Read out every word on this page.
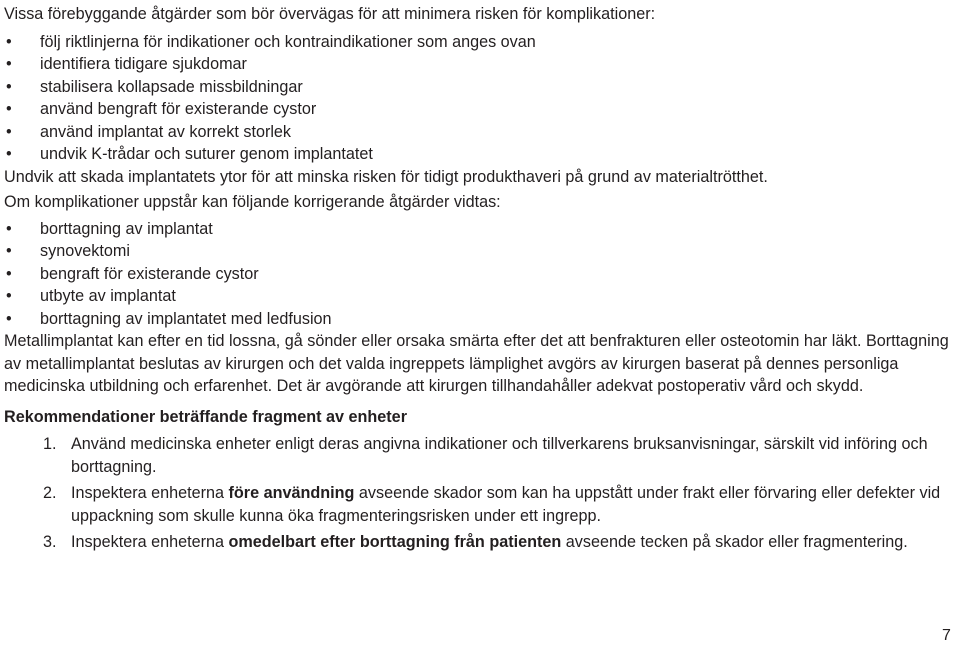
Vissa förebyggande åtgärder som bör övervägas för att minimera risken för komplikationer:

• följ riktlinjerna för indikationer och kontraindikationer som anges ovan
• identifiera tidigare sjukdomar
• stabilisera kollapsade missbildningar
• använd bengraft för existerande cystor
• använd implantat av korrekt storlek
• undvik K-trådar och suturer genom implantatet

Undvik att skada implantatets ytor för att minska risken för tidigt produkthaveri på grund av materialtrötthet.

Om komplikationer uppstår kan följande korrigerande åtgärder vidtas:

• borttagning av implantat
• synovektomi
• bengraft för existerande cystor
• utbyte av implantat
• borttagning av implantatet med ledfusion

Metallimplantat kan efter en tid lossna, gå sönder eller orsaka smärta efter det att benfrakturen eller osteotomin har läkt. Borttagning av metallimplantat beslutas av kirurgen och det valda ingreppets lämplighet avgörs av kirurgen baserat på dennes personliga medicinska utbildning och erfarenhet. Det är avgörande att kirurgen tillhandahåller adekvat postoperativ vård och skydd.

Rekommendationer beträffande fragment av enheter

1. Använd medicinska enheter enligt deras angivna indikationer och tillverkarens bruksanvisningar, särskilt vid införing och borttagning.
2. Inspektera enheterna före användning avseende skador som kan ha uppstått under frakt eller förvaring eller defekter vid uppackning som skulle kunna öka fragmenteringsrisken under ett ingrepp.
3. Inspektera enheterna omedelbart efter borttagning från patienten avseende tecken på skador eller fragmentering.
7
